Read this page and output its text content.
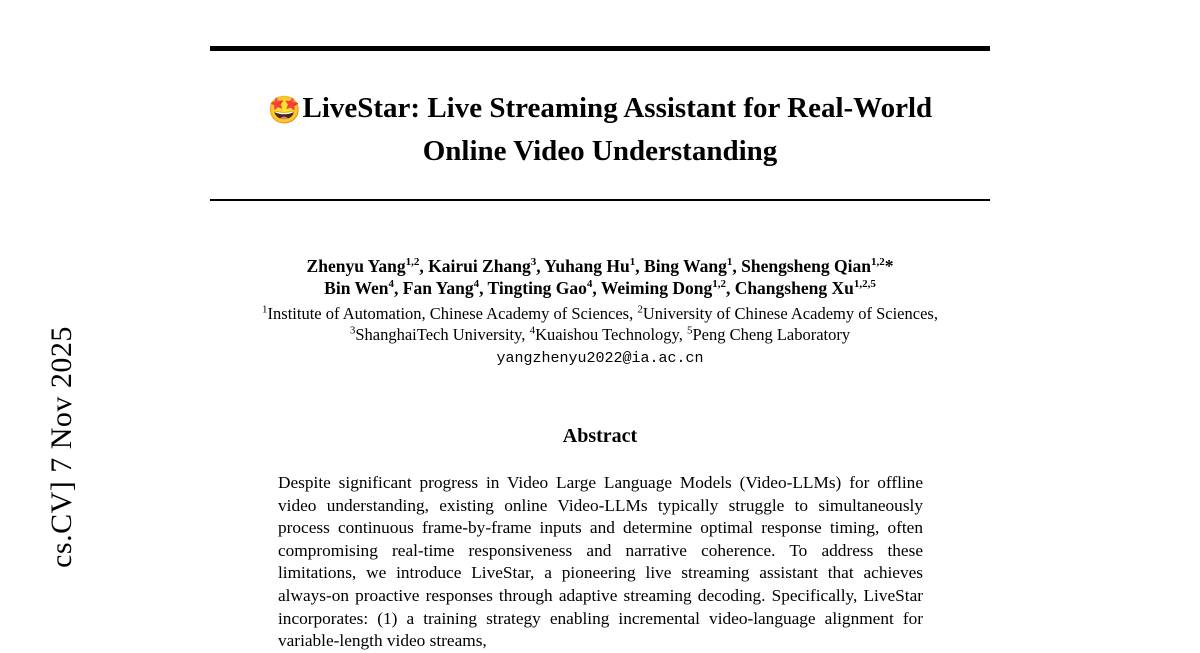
cs.CV] 7 Nov 2025
🤩LiveStar: Live Streaming Assistant for Real-World
Online Video Understanding
Zhenyu Yang$^{1,2}$, Kairui Zhang$^3$, Yuhang Hu$^1$, Bing Wang$^1$, Shengsheng Qian$^{1,2}$*
Bin Wen$^4$, Fan Yang$^4$, Tingting Gao$^4$, Weiming Dong$^{1,2}$, Changsheng Xu$^{1,2,5}$
$^1$Institute of Automation, Chinese Academy of Sciences, $^2$University of Chinese Academy of Sciences,
$^3$ShanghaiTech University, $^4$Kuaishou Technology, $^5$Peng Cheng Laboratory
yangzhenyu2022@ia.ac.cn
Abstract
Despite significant progress in Video Large Language Models (Video-LLMs) for offline video understanding, existing online Video-LLMs typically struggle to simultaneously process continuous frame-by-frame inputs and determine optimal response timing, often compromising real-time responsiveness and narrative coherence. To address these limitations, we introduce LiveStar, a pioneering live streaming assistant that achieves always-on proactive responses through adaptive streaming decoding. Specifically, LiveStar incorporates: (1) a training strategy enabling incremental video-language alignment for variable-length video streams,
